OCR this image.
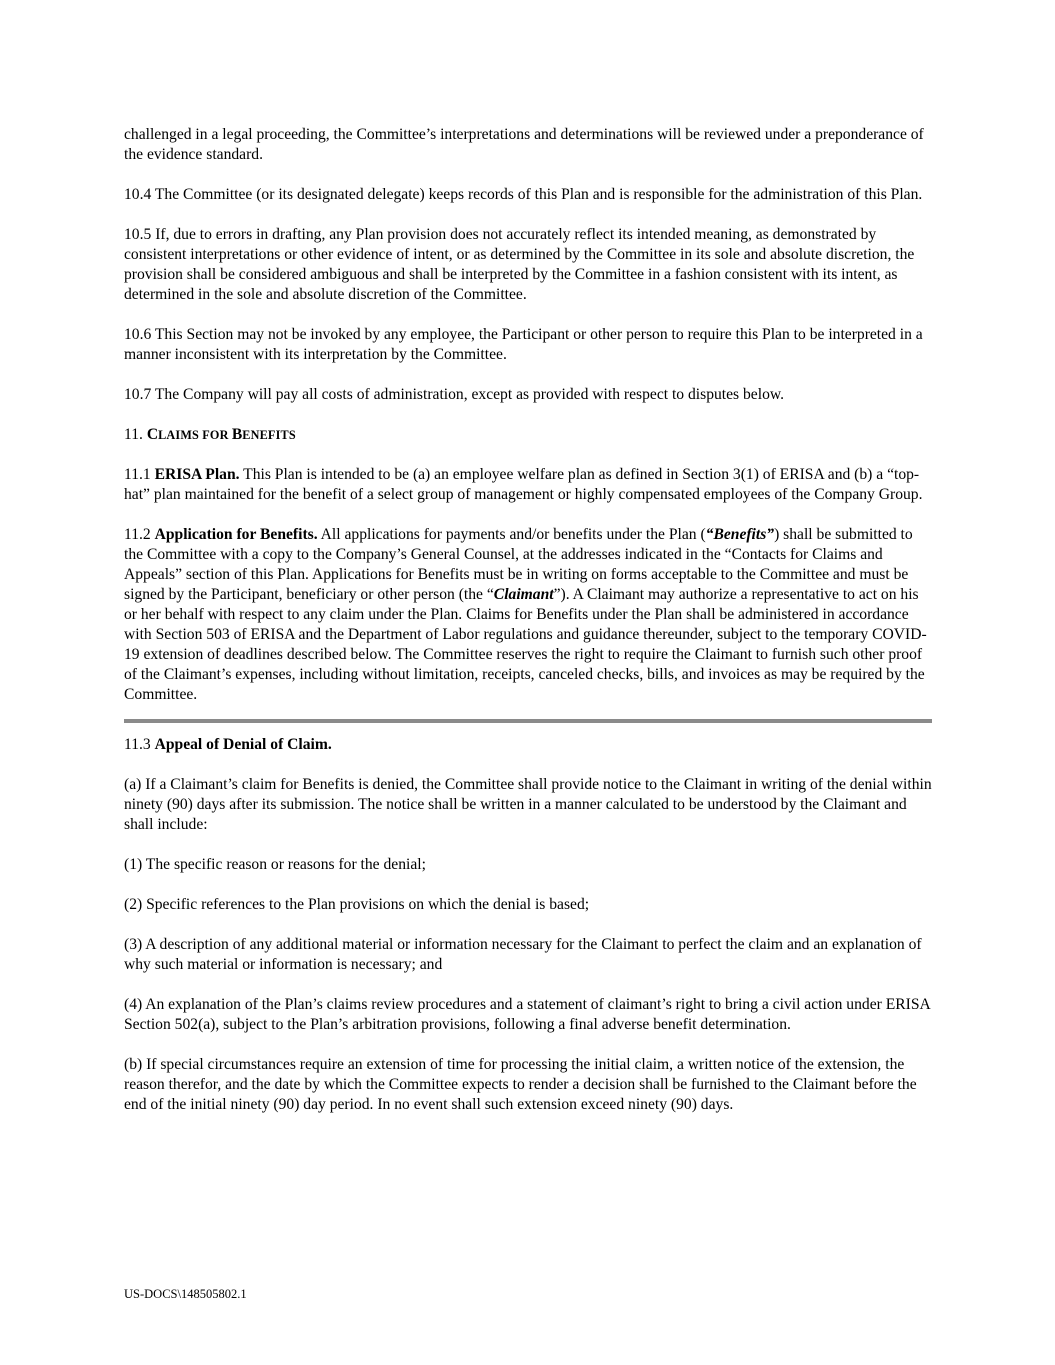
challenged in a legal proceeding, the Committee’s interpretations and determinations will be reviewed under a preponderance of the evidence standard.

10.4 The Committee (or its designated delegate) keeps records of this Plan and is responsible for the administration of this Plan.

10.5 If, due to errors in drafting, any Plan provision does not accurately reflect its intended meaning, as demonstrated by consistent interpretations or other evidence of intent, or as determined by the Committee in its sole and absolute discretion, the provision shall be considered ambiguous and shall be interpreted by the Committee in a fashion consistent with its intent, as determined in the sole and absolute discretion of the Committee.

10.6 This Section may not be invoked by any employee, the Participant or other person to require this Plan to be interpreted in a manner inconsistent with its interpretation by the Committee.

10.7 The Company will pay all costs of administration, except as provided with respect to disputes below.

11. CLAIMS FOR BENEFITS

11.1 ERISA Plan. This Plan is intended to be (a) an employee welfare plan as defined in Section 3(1) of ERISA and (b) a “top-hat” plan maintained for the benefit of a select group of management or highly compensated employees of the Company Group.

11.2 Application for Benefits. All applications for payments and/or benefits under the Plan (“Benefits”) shall be submitted to the Committee with a copy to the Company’s General Counsel, at the addresses indicated in the “Contacts for Claims and Appeals” section of this Plan. Applications for Benefits must be in writing on forms acceptable to the Committee and must be signed by the Participant, beneficiary or other person (the “Claimant”). A Claimant may authorize a representative to act on his or her behalf with respect to any claim under the Plan. Claims for Benefits under the Plan shall be administered in accordance with Section 503 of ERISA and the Department of Labor regulations and guidance thereunder, subject to the temporary COVID-19 extension of deadlines described below. The Committee reserves the right to require the Claimant to furnish such other proof of the Claimant’s expenses, including without limitation, receipts, canceled checks, bills, and invoices as may be required by the Committee.

11.3 Appeal of Denial of Claim.

(a) If a Claimant’s claim for Benefits is denied, the Committee shall provide notice to the Claimant in writing of the denial within ninety (90) days after its submission. The notice shall be written in a manner calculated to be understood by the Claimant and shall include:

(1) The specific reason or reasons for the denial;

(2) Specific references to the Plan provisions on which the denial is based;

(3) A description of any additional material or information necessary for the Claimant to perfect the claim and an explanation of why such material or information is necessary; and

(4) An explanation of the Plan’s claims review procedures and a statement of claimant’s right to bring a civil action under ERISA Section 502(a), subject to the Plan’s arbitration provisions, following a final adverse benefit determination.

(b) If special circumstances require an extension of time for processing the initial claim, a written notice of the extension, the reason therefor, and the date by which the Committee expects to render a decision shall be furnished to the Claimant before the end of the initial ninety (90) day period. In no event shall such extension exceed ninety (90) days.

US-DOCS\148505802.1
